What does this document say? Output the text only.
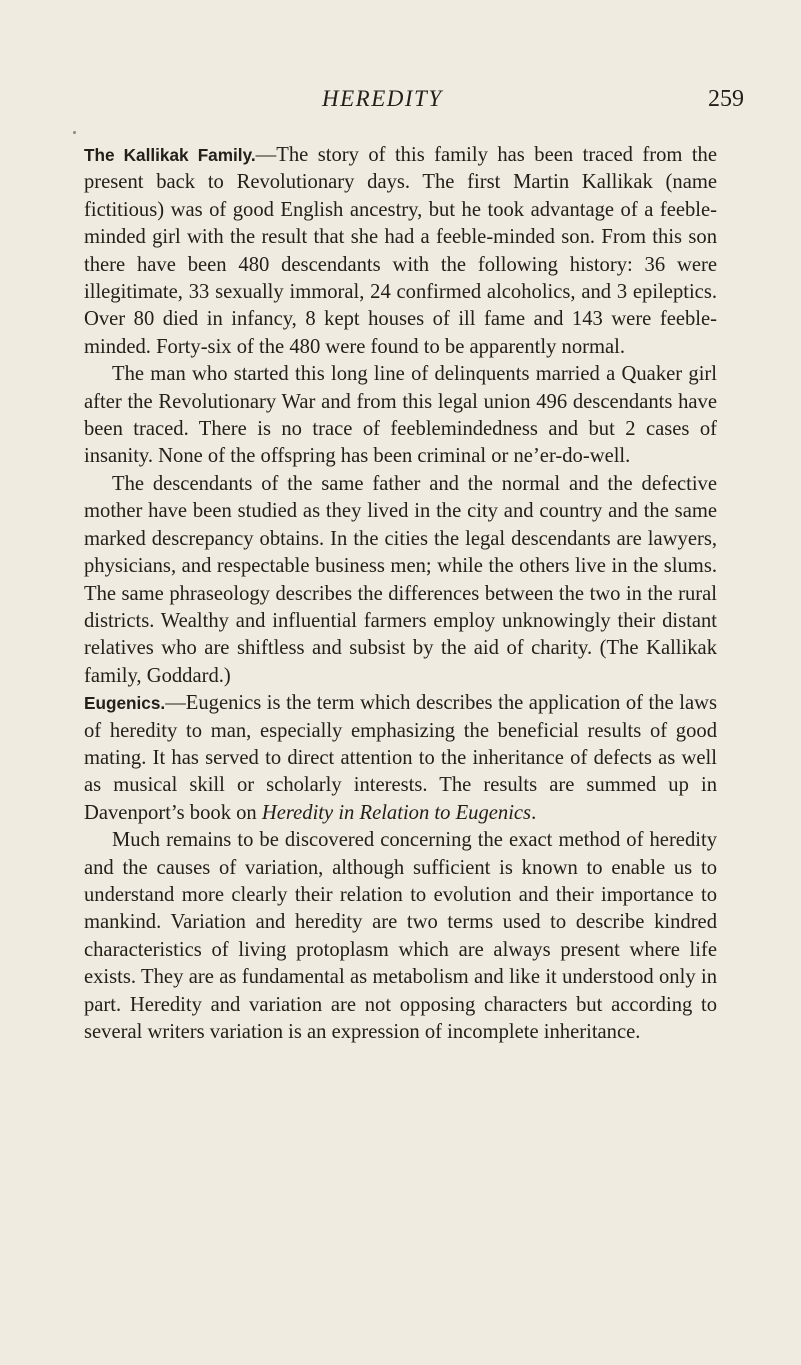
HEREDITY	259

The Kallikak Family.—The story of this family has been traced from the present back to Revolutionary days. The first Martin Kallikak (name fictitious) was of good English ancestry, but he took advantage of a feeble-minded girl with the result that she had a feeble-minded son. From this son there have been 480 descendants with the following history: 36 were illegitimate, 33 sexually immoral, 24 confirmed alcoholics, and 3 epileptics. Over 80 died in infancy, 8 kept houses of ill fame and 143 were feeble-minded. Forty-six of the 480 were found to be apparently normal.

The man who started this long line of delinquents married a Quaker girl after the Revolutionary War and from this legal union 496 descendants have been traced. There is no trace of feeblemindedness and but 2 cases of insanity. None of the offspring has been criminal or ne’er-do-well.

The descendants of the same father and the normal and the defective mother have been studied as they lived in the city and country and the same marked descrepancy obtains. In the cities the legal descendants are lawyers, physicians, and respectable business men; while the others live in the slums. The same phraseology describes the differences between the two in the rural districts. Wealthy and influential farmers employ unknowingly their distant relatives who are shiftless and subsist by the aid of charity. (The Kallikak family, Goddard.)

Eugenics.—Eugenics is the term which describes the application of the laws of heredity to man, especially emphasizing the beneficial results of good mating. It has served to direct attention to the inheritance of defects as well as musical skill or scholarly interests. The results are summed up in Davenport’s book on Heredity in Relation to Eugenics.

Much remains to be discovered concerning the exact method of heredity and the causes of variation, although sufficient is known to enable us to understand more clearly their relation to evolution and their importance to mankind. Variation and heredity are two terms used to describe kindred characteristics of living protoplasm which are always present where life exists. They are as fundamental as metabolism and like it understood only in part. Heredity and variation are not opposing characters but according to several writers variation is an expression of incomplete inheritance.
